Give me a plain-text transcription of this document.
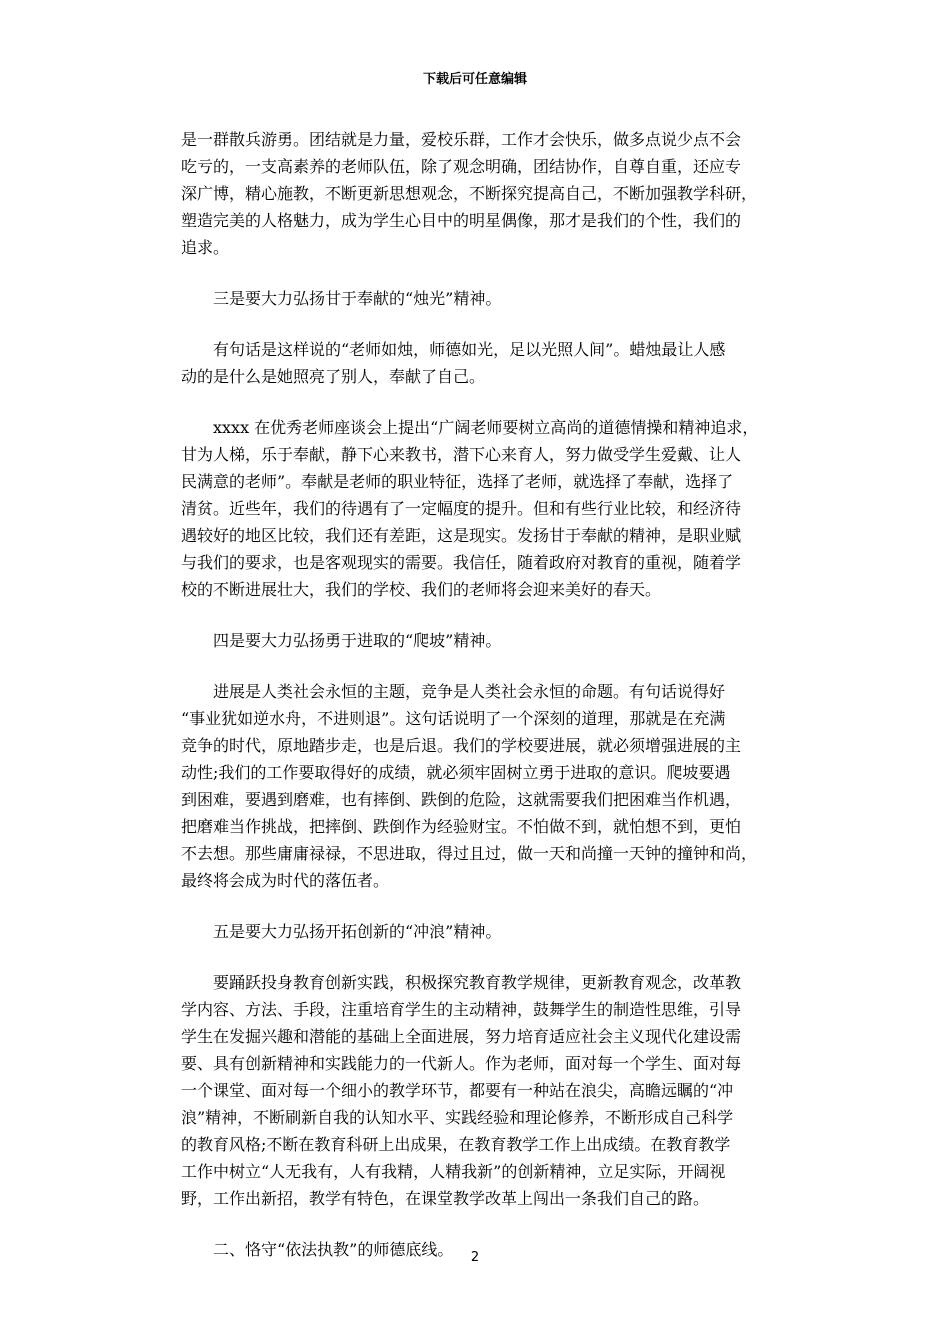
下载后可任意编辑
是一群散兵游勇。团结就是力量，爱校乐群，工作才会快乐，做多点说少点不会
吃亏的，一支高素养的老师队伍，除了观念明确，团结协作，自尊自重，还应专
深广博，精心施教，不断更新思想观念，不断探究提高自己，不断加强教学科研，
塑造完美的人格魅力，成为学生心目中的明星偶像，那才是我们的个性，我们的
追求。
　　三是要大力弘扬甘于奉献的“烛光”精神。
　　有句话是这样说的“老师如烛，师德如光，足以光照人间”。蜡烛最让人感
动的是什么是她照亮了别人，奉献了自己。
　　xxxx 在优秀老师座谈会上提出“广阔老师要树立高尚的道德情操和精神追求，
甘为人梯，乐于奉献，静下心来教书，潜下心来育人，努力做受学生爱戴、让人
民满意的老师”。奉献是老师的职业特征，选择了老师，就选择了奉献，选择了
清贫。近些年，我们的待遇有了一定幅度的提升。但和有些行业比较，和经济待
遇较好的地区比较，我们还有差距，这是现实。发扬甘于奉献的精神，是职业赋
与我们的要求，也是客观现实的需要。我信任，随着政府对教育的重视，随着学
校的不断进展壮大，我们的学校、我们的老师将会迎来美好的春天。
　　四是要大力弘扬勇于进取的“爬坡”精神。
　　进展是人类社会永恒的主题，竞争是人类社会永恒的命题。有句话说得好
“事业犹如逆水舟，不进则退”。这句话说明了一个深刻的道理，那就是在充满
竞争的时代，原地踏步走，也是后退。我们的学校要进展，就必须增强进展的主
动性;我们的工作要取得好的成绩，就必须牢固树立勇于进取的意识。爬坡要遇
到困难，要遇到磨难，也有摔倒、跌倒的危险，这就需要我们把困难当作机遇，
把磨难当作挑战，把摔倒、跌倒作为经验财宝。不怕做不到，就怕想不到，更怕
不去想。那些庸庸禄禄，不思进取，得过且过，做一天和尚撞一天钟的撞钟和尚，
最终将会成为时代的落伍者。
　　五是要大力弘扬开拓创新的“冲浪”精神。
　　要踊跃投身教育创新实践，积极探究教育教学规律，更新教育观念，改革教
学内容、方法、手段，注重培育学生的主动精神，鼓舞学生的制造性思维，引导
学生在发掘兴趣和潜能的基础上全面进展，努力培育适应社会主义现代化建设需
要、具有创新精神和实践能力的一代新人。作为老师，面对每一个学生、面对每
一个课堂、面对每一个细小的教学环节，都要有一种站在浪尖，高瞻远瞩的“冲
浪”精神，不断刷新自我的认知水平、实践经验和理论修养，不断形成自己科学
的教育风格;不断在教育科研上出成果，在教育教学工作上出成绩。在教育教学
工作中树立“人无我有，人有我精，人精我新”的创新精神，立足实际，开阔视
野，工作出新招，教学有特色，在课堂教学改革上闯出一条我们自己的路。
　　二、恪守“依法执教”的师德底线。	2
